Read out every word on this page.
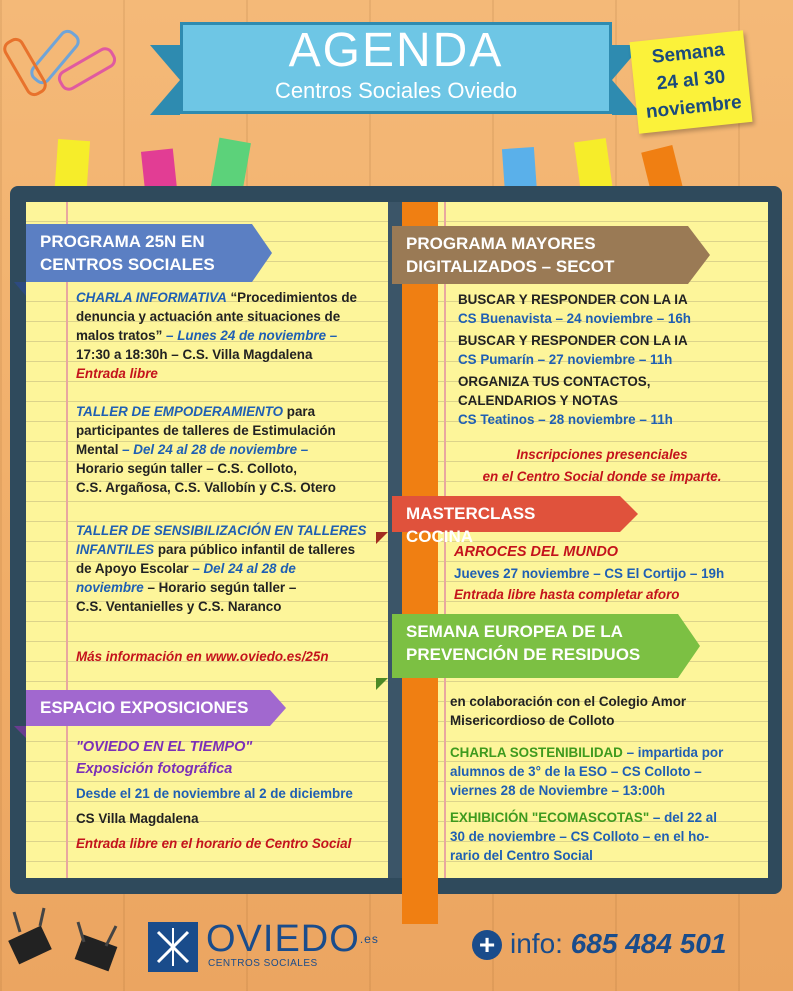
AGENDA
Centros Sociales Oviedo
Semana
24 al 30
noviembre
PROGRAMA 25N EN
CENTROS SOCIALES
CHARLA INFORMATIVA “Procedimientos de
denuncia y actuación ante situaciones de
malos tratos” – Lunes 24 de noviembre –
17:30 a 18:30h – C.S. Villa Magdalena
Entrada libre
TALLER DE EMPODERAMIENTO para
participantes de talleres de Estimulación
Mental – Del 24 al 28 de noviembre –
Horario según taller – C.S. Colloto,
C.S. Argañosa, C.S. Vallobín y C.S. Otero
TALLER DE SENSIBILIZACIÓN EN TALLERES
INFANTILES para público infantil de talleres
de Apoyo Escolar – Del 24 al 28 de
noviembre – Horario según taller –
C.S. Ventanielles y C.S. Naranco
Más información en www.oviedo.es/25n
ESPACIO EXPOSICIONES
"OVIEDO EN EL TIEMPO"
Exposición fotográfica
Desde el 21 de noviembre al 2 de diciembre
CS Villa Magdalena
Entrada libre en el horario de Centro Social
PROGRAMA MAYORES
DIGITALIZADOS – SECOT
BUSCAR Y RESPONDER CON LA IA
CS Buenavista – 24 noviembre – 16h
BUSCAR Y RESPONDER CON LA IA
CS Pumarín – 27 noviembre – 11h
ORGANIZA TUS CONTACTOS,
CALENDARIOS Y NOTAS
CS Teatinos – 28 noviembre – 11h
Inscripciones presenciales
en el Centro Social donde se imparte.
MASTERCLASS COCINA
ARROCES DEL MUNDO
Jueves 27 noviembre – CS El Cortijo – 19h
Entrada libre hasta completar aforo
SEMANA EUROPEA DE LA
PREVENCIÓN DE RESIDUOS
en colaboración con el Colegio Amor
Misericordioso de Colloto
CHARLA SOSTENIBILIDAD – impartida por
alumnos de 3° de la ESO – CS Colloto –
viernes 28 de Noviembre – 13:00h
EXHIBICIÓN "ECOMASCOTAS" – del 22 al
30 de noviembre – CS Colloto – en el ho-
rario del Centro Social
$OVIEDO^{.es}$
CENTROS SOCIALES
+ info: 685 484 501
